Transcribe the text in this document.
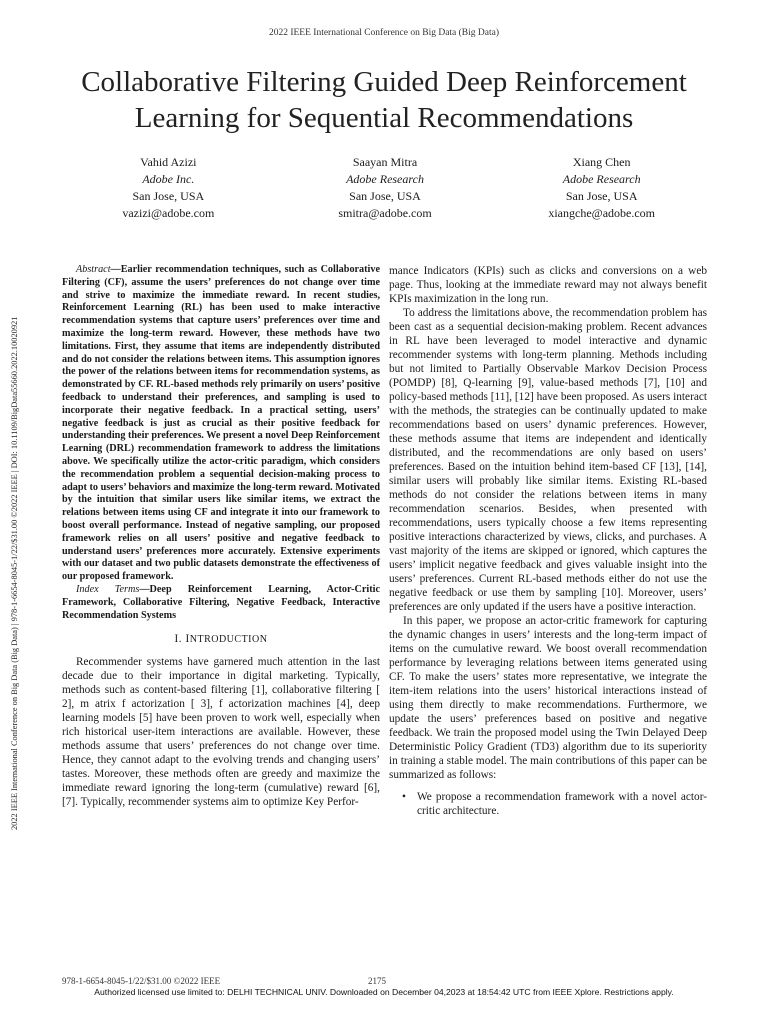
2022 IEEE International Conference on Big Data (Big Data)
2022 IEEE International Conference on Big Data (Big Data) | 978-1-6654-8045-1/22/$31.00 ©2022 IEEE | DOI: 10.1109/BigData55660.2022.10020921
Collaborative Filtering Guided Deep Reinforcement Learning for Sequential Recommendations
Vahid Azizi
Adobe Inc.
San Jose, USA
vazizi@adobe.com
Saayan Mitra
Adobe Research
San Jose, USA
smitra@adobe.com
Xiang Chen
Adobe Research
San Jose, USA
xiangche@adobe.com

Abstract—Earlier recommendation techniques, such as Collaborative Filtering (CF), assume the users’ preferences do not change over time and strive to maximize the immediate reward. In recent studies, Reinforcement Learning (RL) has been used to make interactive recommendation systems that capture users’ preferences over time and maximize the long-term reward. However, these methods have two limitations. First, they assume that items are independently distributed and do not consider the relations between items. This assumption ignores the power of the relations between items for recommendation systems, as demonstrated by CF. RL-based methods rely primarily on users’ positive feedback to understand their preferences, and sampling is used to incorporate their negative feedback. In a practical setting, users’ negative feedback is just as crucial as their positive feedback for understanding their preferences. We present a novel Deep Reinforcement Learning (DRL) recommendation framework to address the limitations above. We specifically utilize the actor-critic paradigm, which considers the recommendation problem a sequential decision-making process to adapt to users’ behaviors and maximize the long-term reward. Motivated by the intuition that similar users like similar items, we extract the relations between items using CF and integrate it into our framework to boost overall performance. Instead of negative sampling, our proposed framework relies on all users’ positive and negative feedback to understand users’ preferences more accurately. Extensive experiments with our dataset and two public datasets demonstrate the effectiveness of our proposed framework.

Index Terms—Deep Reinforcement Learning, Actor-Critic Framework, Collaborative Filtering, Negative Feedback, Interactive Recommendation Systems

I. INTRODUCTION

Recommender systems have garnered much attention in the last decade due to their importance in digital marketing. Typically, methods such as content-based filtering [1], collaborative filtering [ 2], m atrix f actorization [ 3], f actorization machines [4], deep learning models [5] have been proven to work well, especially when rich historical user-item interactions are available. However, these methods assume that users’ preferences do not change over time. Hence, they cannot adapt to the evolving trends and changing users’ tastes. Moreover, these methods often are greedy and maximize the immediate reward ignoring the long-term (cumulative) reward [6], [7]. Typically, recommender systems aim to optimize Key Perfor-

mance Indicators (KPIs) such as clicks and conversions on a web page. Thus, looking at the immediate reward may not always benefit KPIs maximization in the long run.

To address the limitations above, the recommendation problem has been cast as a sequential decision-making problem. Recent advances in RL have been leveraged to model interactive and dynamic recommender systems with long-term planning. Methods including but not limited to Partially Observable Markov Decision Process (POMDP) [8], Q-learning [9], value-based methods [7], [10] and policy-based methods [11], [12] have been proposed. As users interact with the methods, the strategies can be continually updated to make recommendations based on users’ dynamic preferences. However, these methods assume that items are independent and identically distributed, and the recommendations are only based on users’ preferences. Based on the intuition behind item-based CF [13], [14], similar users will probably like similar items. Existing RL-based methods do not consider the relations between items in many recommendation scenarios. Besides, when presented with recommendations, users typically choose a few items representing positive interactions characterized by views, clicks, and purchases. A vast majority of the items are skipped or ignored, which captures the users’ implicit negative feedback and gives valuable insight into the users’ preferences. Current RL-based methods either do not use the negative feedback or use them by sampling [10]. Moreover, users’ preferences are only updated if the users have a positive interaction.

In this paper, we propose an actor-critic framework for capturing the dynamic changes in users’ interests and the long-term impact of items on the cumulative reward. We boost overall recommendation performance by leveraging relations between items generated using CF. To make the users’ states more representative, we integrate the item-item relations into the users’ historical interactions instead of using them directly to make recommendations. Furthermore, we update the users’ preferences based on positive and negative feedback. We train the proposed model using the Twin Delayed Deep Deterministic Policy Gradient (TD3) algorithm due to its superiority in training a stable model. The main contributions of this paper can be summarized as follows:

• We propose a recommendation framework with a novel actor-critic architecture.
978-1-6654-8045-1/22/$31.00 ©2022 IEEE	2175
Authorized licensed use limited to: DELHI TECHNICAL UNIV. Downloaded on December 04,2023 at 18:54:42 UTC from IEEE Xplore. Restrictions apply.
